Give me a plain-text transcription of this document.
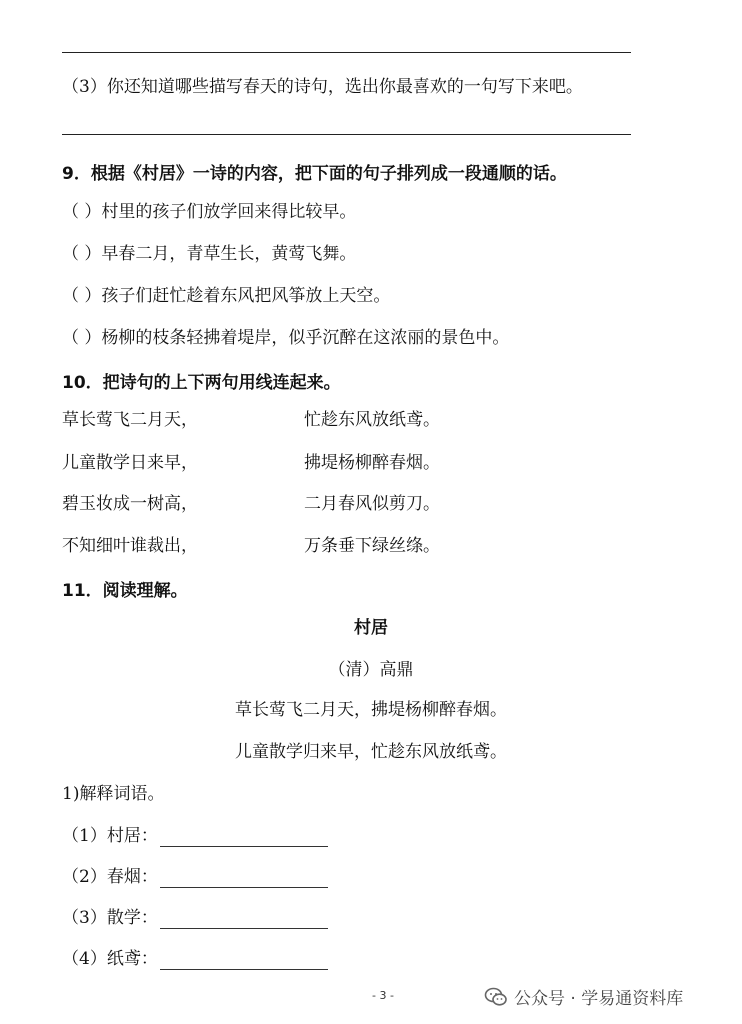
（3）你还知道哪些描写春天的诗句，选出你最喜欢的一句写下来吧。
9．根据《村居》一诗的内容，把下面的句子排列成一段通顺的话。
（ ）村里的孩子们放学回来得比较早。
（ ）早春二月，青草生长，黄莺飞舞。
（ ）孩子们赶忙趁着东风把风筝放上天空。
（ ）杨柳的枝条轻拂着堤岸，似乎沉醉在这浓丽的景色中。
10．把诗句的上下两句用线连起来。
草长莺飞二月天，	忙趁东风放纸鸢。
儿童散学日来早，	拂堤杨柳醉春烟。
碧玉妆成一树高，	二月春风似剪刀。
不知细叶谁裁出，	万条垂下绿丝绦。
11．阅读理解。
村居
（清）高鼎
草长莺飞二月天，拂堤杨柳醉春烟。
儿童散学归来早，忙趁东风放纸鸢。
1)解释词语。
（1）村居：
（2）春烟：
（3）散学：
（4）纸鸢：
- 3 -	公众号 · 学易通资料库
